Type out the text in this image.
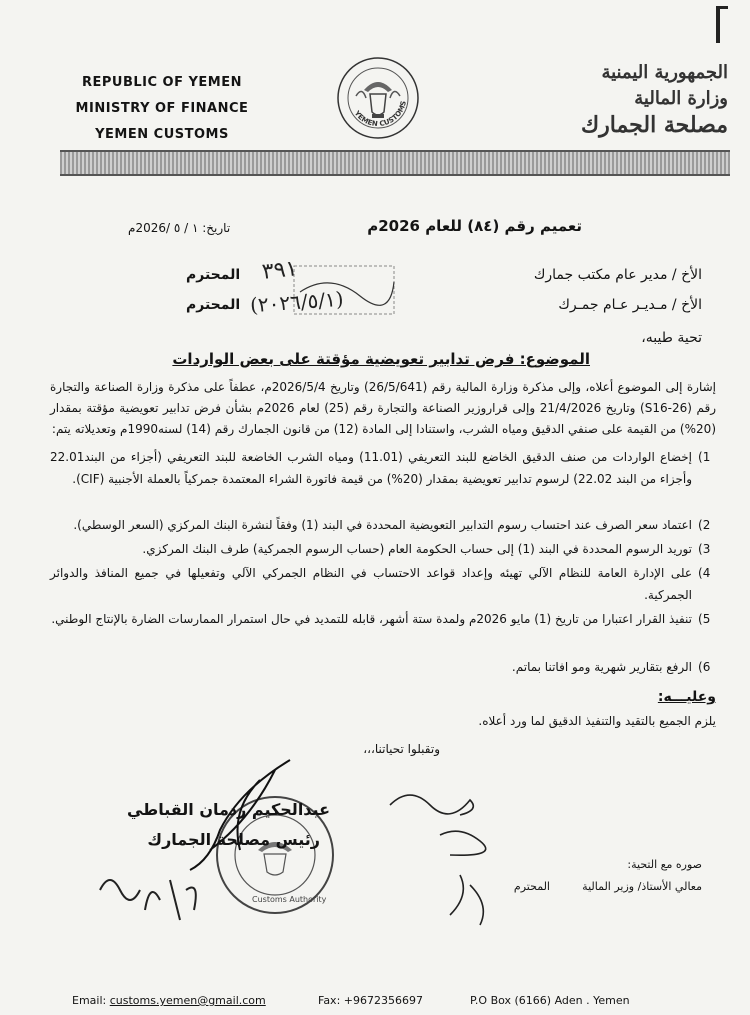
REPUBLIC OF YEMEN
MINISTRY OF FINANCE
YEMEN CUSTOMS
YEMEN CUSTOMS
الجمهورية اليمنية
وزارة المالية
مصلحة الجمارك
تعميم رقم (٨٤) للعام 2026م
تاريخ: ١ / ٥ /2026م
الأخ / مدير عام مكتب جمارك
المحترم
الأخ / مـديـر عـام جمـرك
المحترم
٣٩١
(٢٠٢٦/٥/١)
تحية طيبه،
الموضوع: فرض تدابير تعويضية مؤقتة على بعض الواردات
إشارة إلى الموضوع أعلاه، وإلى مذكرة وزارة المالية رقم (26/5/641) وتاريخ 2026/5/4م، عطفاً على مذكرة وزارة الصناعة والتجارة رقم (26-S16) وتاريخ 21/4/2026 وإلى قراروزير الصناعة والتجارة رقم (25) لعام 2026م بشأن فرض تدابير تعويضية مؤقتة بمقدار (20%) من القيمة على صنفي الدقيق ومياه الشرب، واستنادا إلى المادة (12) من قانون الجمارك رقم (14) لسنه1990م وتعديلاته يتم:
1)
إخضاع الواردات من صنف الدقيق الخاضع للبند التعريفي (11.01) ومياه الشرب الخاضعة للبند التعريفي (أجزاء من البند22.01 وأجزاء من البند 22.02) لرسوم تدابير تعويضية بمقدار (20%) من قيمة فاتورة الشراء المعتمدة جمركياً بالعملة الأجنبية (CIF).
2)
اعتماد سعر الصرف عند احتساب رسوم التدابير التعويضية المحددة في البند (1) وفقاً لنشرة البنك المركزي (السعر الوسطي).
3)
توريد الرسوم المحددة في البند (1) إلى حساب الحكومة العام (حساب الرسوم الجمركية) طرف البنك المركزي.
4)
على الإدارة العامة للنظام الآلي تهيئه وإعداد قواعد الاحتساب في النظام الجمركي الآلي وتفعيلها في جميع المنافذ والدوائر الجمركية.
5)
تنفيذ القرار اعتبارا من تاريخ (1) مايو 2026م ولمدة ستة أشهر، قابله للتمديد في حال استمرار الممارسات الضارة بالإنتاج الوطني.
6)
الرفع بتقارير شهرية ومو افاتنا بماتم.
وعليـــه:
يلزم الجميع بالتقيد والتنفيذ الدقيق لما ورد أعلاه.
وتقبلوا تحياتنا،،،
Customs Authority
عبدالحكيم ردمان القباطي
رئيس مصلحة الجمارك
صوره مع التحية:
معالي الأستاذ/ وزير المالية
المحترم
Email: customs.yemen@gmail.com	Fax: +9672356697	P.O Box (6166) Aden . Yemen
